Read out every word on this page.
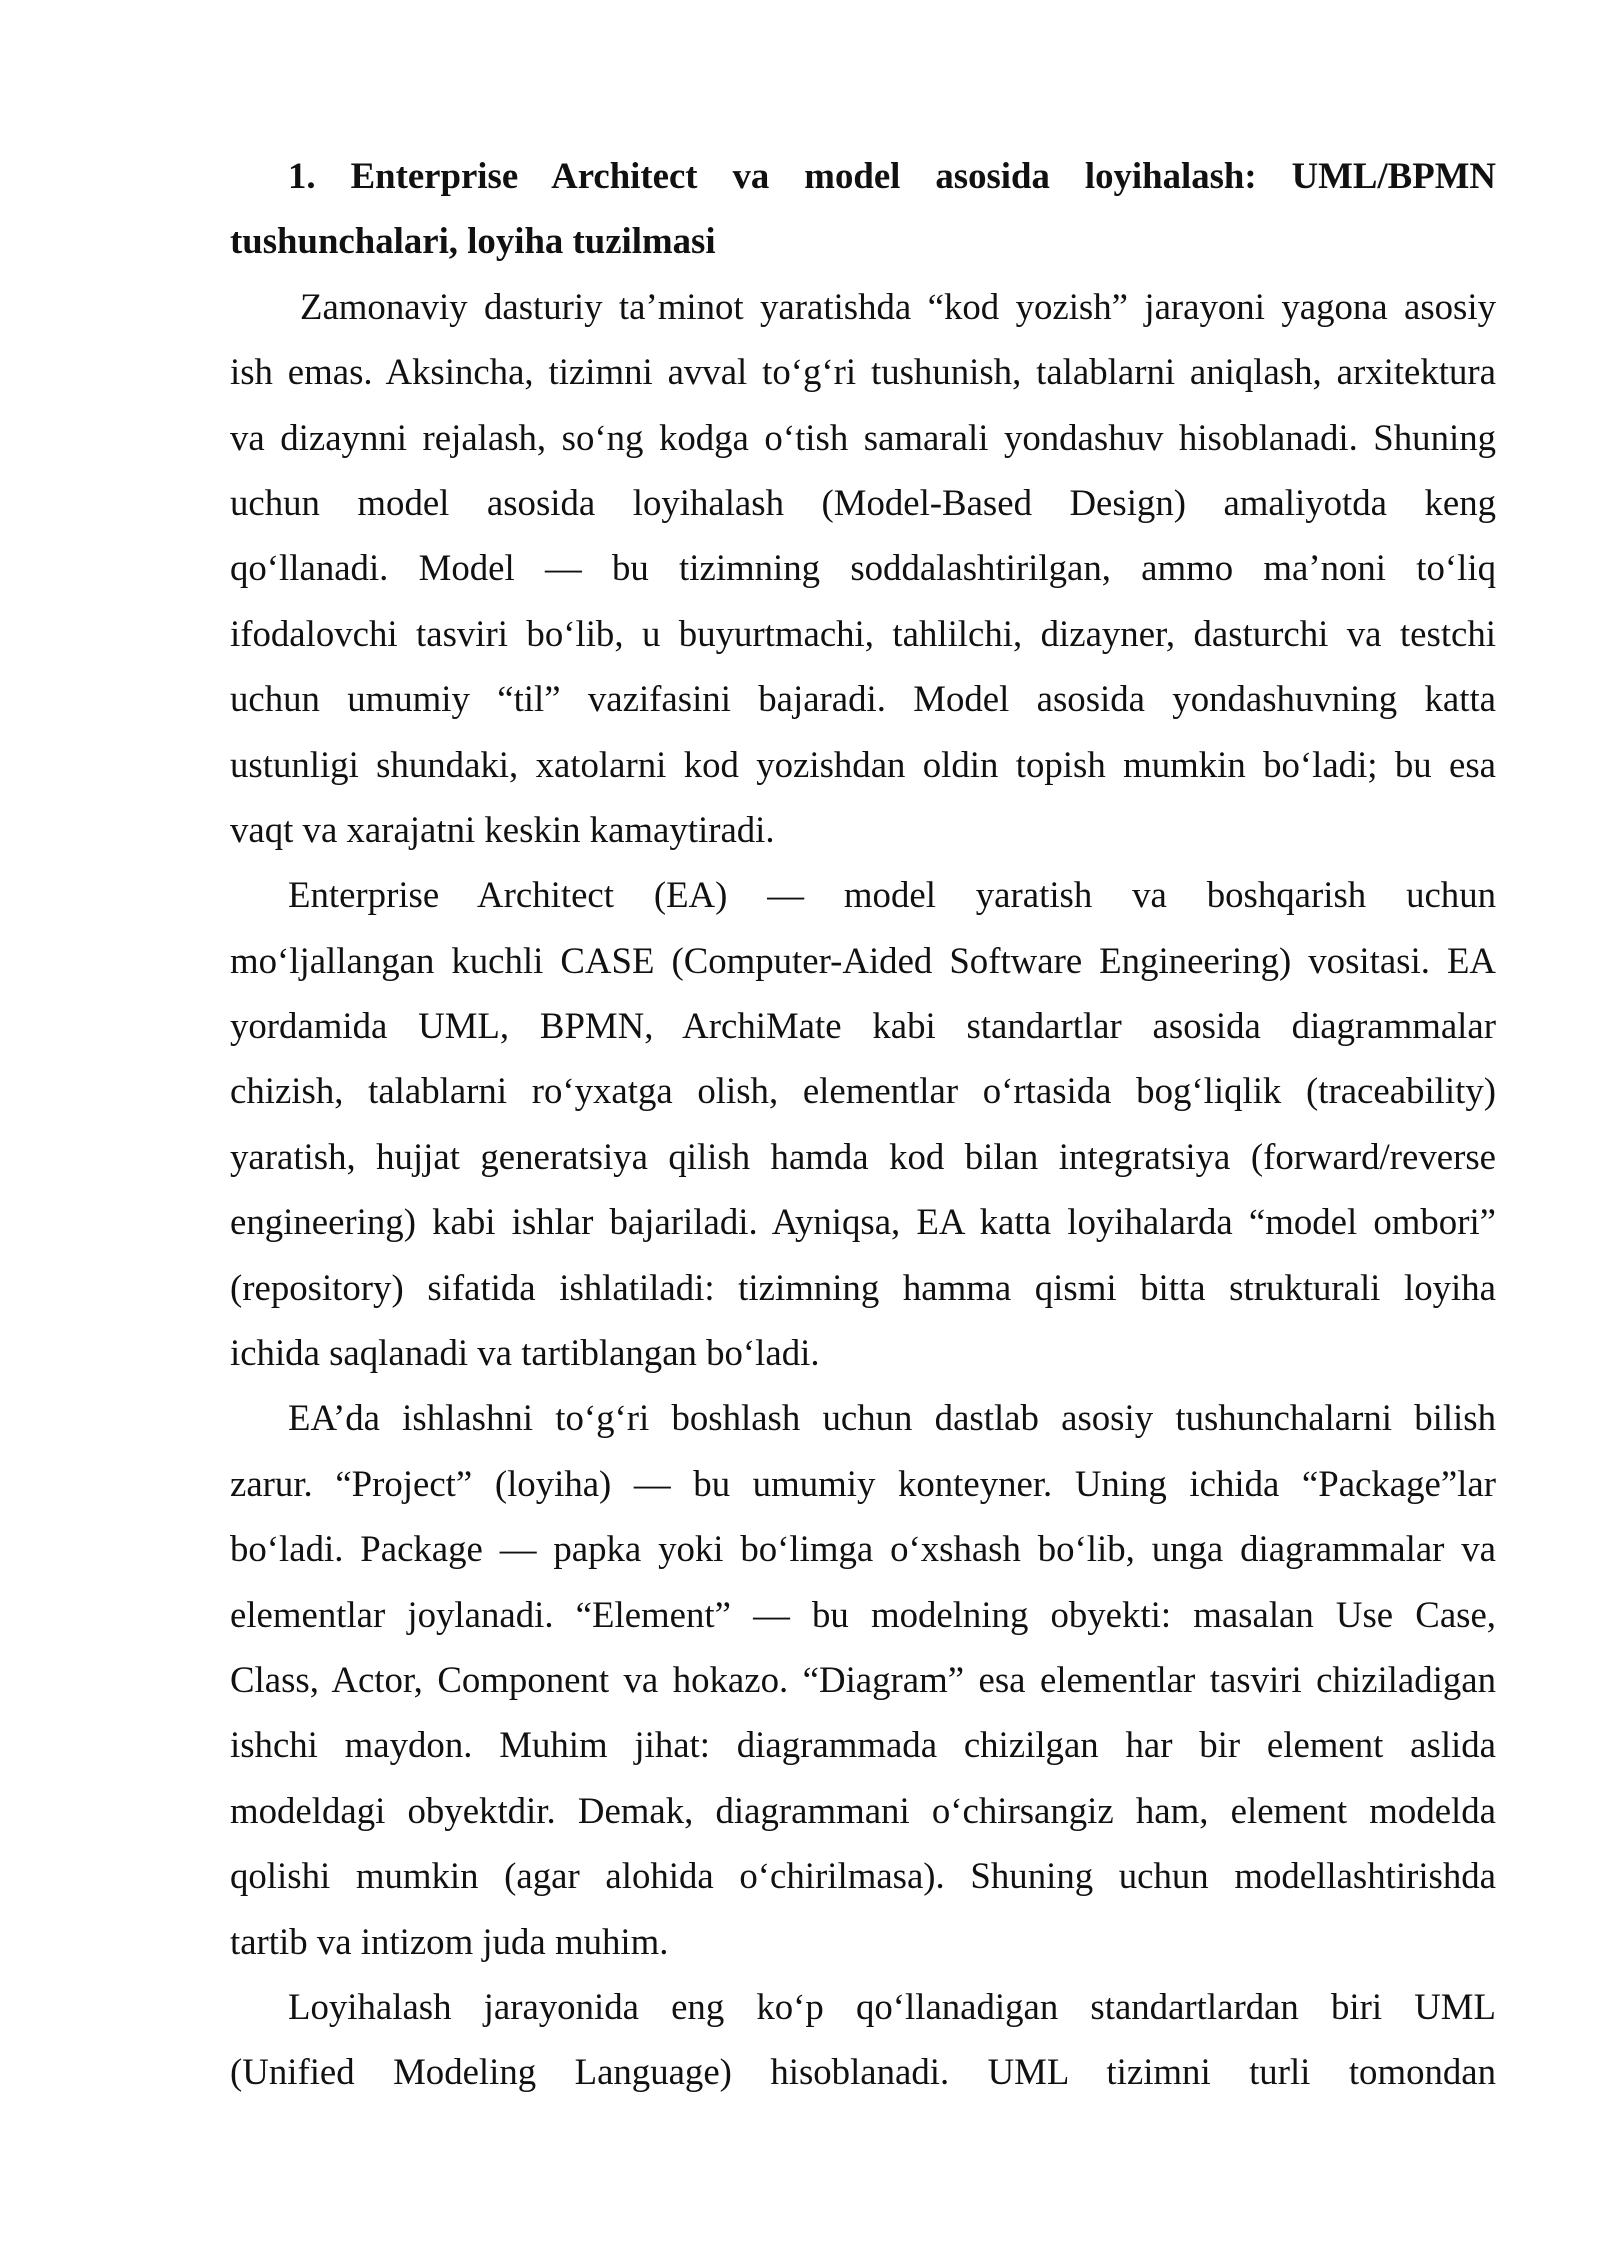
1. Enterprise Architect va model asosida loyihalash: UML/BPMN
tushunchalari, loyiha tuzilmasi
Zamonaviy dasturiy ta’minot yaratishda “kod yozish” jarayoni yagona asosiy
ish emas. Aksincha, tizimni avval to‘g‘ri tushunish, talablarni aniqlash, arxitektura
va dizaynni rejalash, so‘ng kodga o‘tish samarali yondashuv hisoblanadi. Shuning
uchun model asosida loyihalash (Model-Based Design) amaliyotda keng
qo‘llanadi. Model — bu tizimning soddalashtirilgan, ammo ma’noni to‘liq
ifodalovchi tasviri bo‘lib, u buyurtmachi, tahlilchi, dizayner, dasturchi va testchi
uchun umumiy “til” vazifasini bajaradi. Model asosida yondashuvning katta
ustunligi shundaki, xatolarni kod yozishdan oldin topish mumkin bo‘ladi; bu esa
vaqt va xarajatni keskin kamaytiradi.
Enterprise Architect (EA) — model yaratish va boshqarish uchun
mo‘ljallangan kuchli CASE (Computer-Aided Software Engineering) vositasi. EA
yordamida UML, BPMN, ArchiMate kabi standartlar asosida diagrammalar
chizish, talablarni ro‘yxatga olish, elementlar o‘rtasida bog‘liqlik (traceability)
yaratish, hujjat generatsiya qilish hamda kod bilan integratsiya (forward/reverse
engineering) kabi ishlar bajariladi. Ayniqsa, EA katta loyihalarda “model ombori”
(repository) sifatida ishlatiladi: tizimning hamma qismi bitta strukturali loyiha
ichida saqlanadi va tartiblangan bo‘ladi.
EA’da ishlashni to‘g‘ri boshlash uchun dastlab asosiy tushunchalarni bilish
zarur. “Project” (loyiha) — bu umumiy konteyner. Uning ichida “Package”lar
bo‘ladi. Package — papka yoki bo‘limga o‘xshash bo‘lib, unga diagrammalar va
elementlar joylanadi. “Element” — bu modelning obyekti: masalan Use Case,
Class, Actor, Component va hokazo. “Diagram” esa elementlar tasviri chiziladigan
ishchi maydon. Muhim jihat: diagrammada chizilgan har bir element aslida
modeldagi obyektdir. Demak, diagrammani o‘chirsangiz ham, element modelda
qolishi mumkin (agar alohida o‘chirilmasa). Shuning uchun modellashtirishda
tartib va intizom juda muhim.
Loyihalash jarayonida eng ko‘p qo‘llanadigan standartlardan biri UML
(Unified Modeling Language) hisoblanadi. UML tizimni turli tomondan
